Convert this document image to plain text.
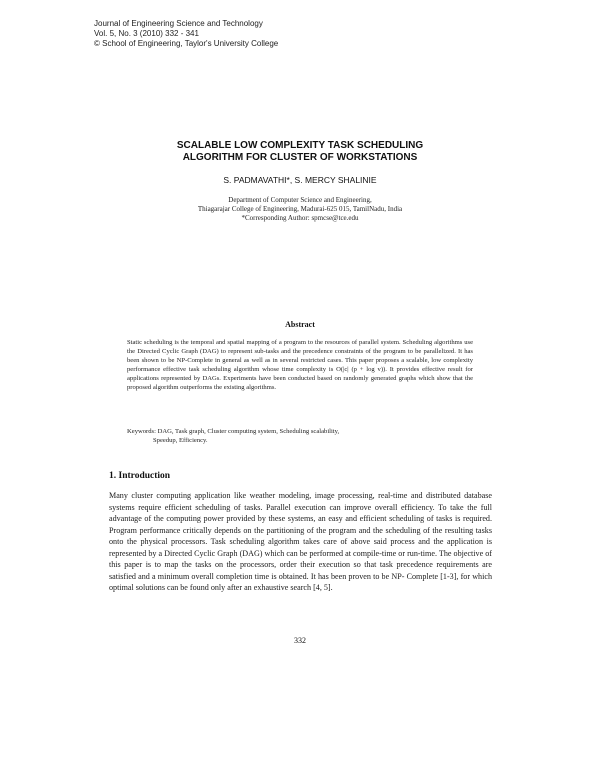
Journal of Engineering Science and Technology
Vol. 5, No. 3 (2010) 332 - 341
© School of Engineering, Taylor's University College
SCALABLE LOW COMPLEXITY TASK SCHEDULING
ALGORITHM FOR CLUSTER OF WORKSTATIONS
S. PADMAVATHI*, S. MERCY SHALINIE
Department of Computer Science and Engineering,
Thiagarajar College of Engineering, Madurai-625 015, TamilNadu, India
*Corresponding Author: spmcse@tce.edu
Abstract
Static scheduling is the temporal and spatial mapping of a program to the resources of parallel system. Scheduling algorithms use the Directed Cyclic Graph (DAG) to represent sub-tasks and the precedence constraints of the program to be parallelized. It has been shown to be NP-Complete in general as well as in several restricted cases. This paper proposes a scalable, low complexity performance effective task scheduling algorithm whose time complexity is O(|c| (p + log v)). It provides effective result for applications represented by DAGs. Experiments have been conducted based on randomly generated graphs which show that the proposed algorithm outperforms the existing algorithms.
Keywords: DAG, Task graph, Cluster computing system, Scheduling scalability,
Speedup, Efficiency.
1. Introduction
Many cluster computing application like weather modeling, image processing, real-time and distributed database systems require efficient scheduling of tasks. Parallel execution can improve overall efficiency. To take the full advantage of the computing power provided by these systems, an easy and efficient scheduling of tasks is required. Program performance critically depends on the partitioning of the program and the scheduling of the resulting tasks onto the physical processors. Task scheduling algorithm takes care of above said process and the application is represented by a Directed Cyclic Graph (DAG) which can be performed at compile-time or run-time. The objective of this paper is to map the tasks on the processors, order their execution so that task precedence requirements are satisfied and a minimum overall completion time is obtained. It has been proven to be NP- Complete [1-3], for which optimal solutions can be found only after an exhaustive search [4, 5].
332
